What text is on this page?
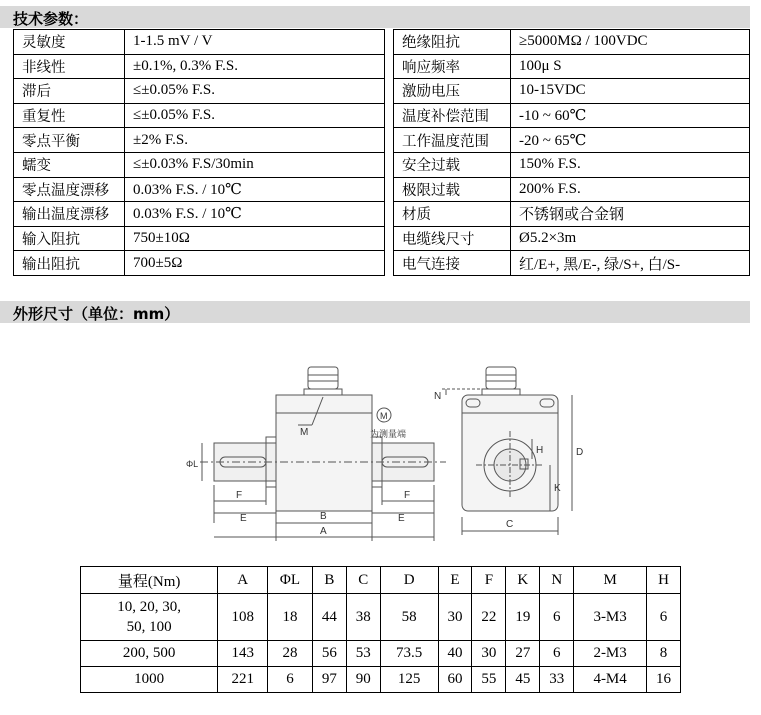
技术参数：
灵敏度	1-1.5 mV / V
非线性	±0.1%, 0.3% F.S.
滞后	≤±0.05% F.S.
重复性	≤±0.05% F.S.
零点平衡	±2% F.S.
蠕变	≤±0.03% F.S/30min
零点温度漂移	0.03% F.S. / 10℃
输出温度漂移	0.03% F.S. / 10℃
输入阻抗	750±10Ω
输出阻抗	700±5Ω
绝缘阻抗	≥5000MΩ / 100VDC
响应频率	100μ S
激励电压	10-15VDC
温度补偿范围	-10 ~ 60℃
工作温度范围	-20 ~ 65℃
安全过载	150% F.S.
极限过载	200% F.S.
材质	不锈钢或合金钢
电缆线尺寸	Ø5.2×3m
电气连接	红/E+, 黑/E-, 绿/S+, 白/S-
外形尺寸（单位：mm）
M
M
为测量端
ΦL
F
E	B
F
E
A
N
H	D
K
C
量程(Nm)	A	ΦL	B	C	D	E	F	K	N	M	H

10, 20, 30,
50, 100	108	18	44	38	58	30	22	19	6	3-M3	6

200, 500	143	28	56	53	73.5	40	30	27	6	2-M3	8

1000	221	6	97	90	125	60	55	45	33	4-M4	16
